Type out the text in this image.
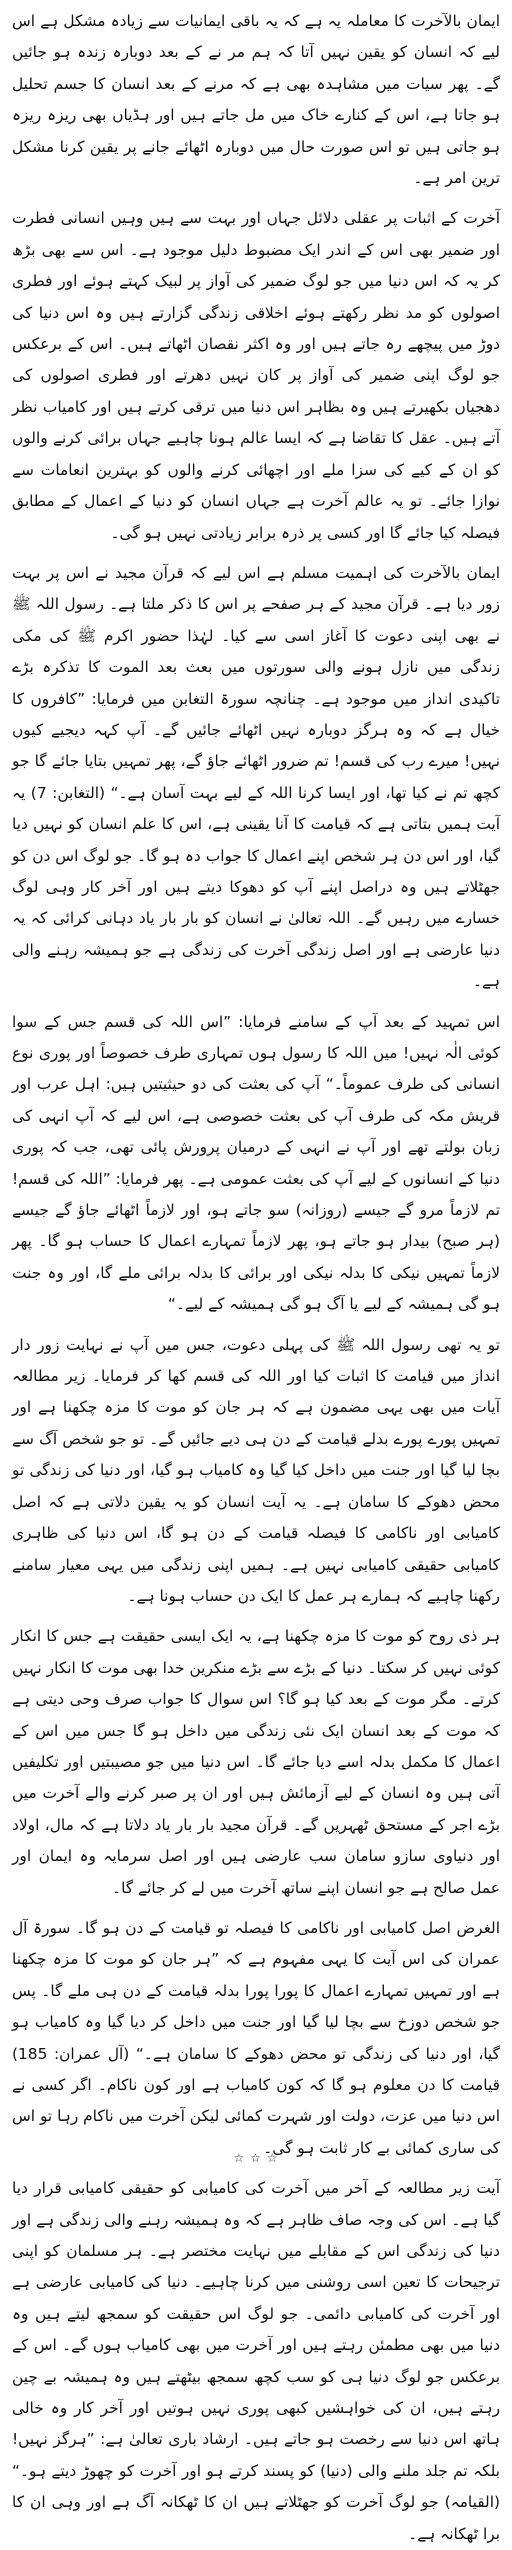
ایمان بالآخرت کا معاملہ یہ ہے کہ یہ باقی ایمانیات سے زیادہ مشکل ہے اس لیے کہ انسان کو یقین نہیں آتا کہ ہم مر نے کے بعد دوبارہ زندہ ہو جائیں گے۔ پھر سیات میں مشاہدہ بھی ہے کہ مرنے کے بعد انسان کا جسم تحلیل ہو جاتا ہے، اس کے کنارے خاک میں مل جاتے ہیں اور ہڈیاں بھی ریزہ ریزہ ہو جاتی ہیں تو اس صورت حال میں دوبارہ اٹھائے جانے پر یقین کرنا مشکل ترین امر ہے۔

آخرت کے اثبات پر عقلی دلائل جہاں اور بہت سے ہیں وہیں انسانی فطرت اور ضمیر بھی اس کے اندر ایک مضبوط دلیل موجود ہے۔ اس سے بھی بڑھ کر یہ کہ اس دنیا میں جو لوگ ضمیر کی آواز پر لبیک کہتے ہوئے اور فطری اصولوں کو مد نظر رکھتے ہوئے اخلاقی زندگی گزارتے ہیں وہ اس دنیا کی دوڑ میں پیچھے رہ جاتے ہیں اور وہ اکثر نقصان اٹھاتے ہیں۔ اس کے برعکس جو لوگ اپنی ضمیر کی آواز پر کان نہیں دھرتے اور فطری اصولوں کی دھجیاں بکھیرتے ہیں وہ بظاہر اس دنیا میں ترقی کرتے ہیں اور کامیاب نظر آتے ہیں۔ عقل کا تقاضا ہے کہ ایسا عالم ہونا چاہیے جہاں برائی کرنے والوں کو ان کے کیے کی سزا ملے اور اچھائی کرنے والوں کو بہترین انعامات سے نوازا جائے۔ تو یہ عالم آخرت ہے جہاں انسان کو دنیا کے اعمال کے مطابق فیصلہ کیا جائے گا اور کسی پر ذرہ برابر زیادتی نہیں ہو گی۔

ایمان بالآخرت کی اہمیت مسلم ہے اس لیے کہ قرآن مجید نے اس پر بہت زور دیا ہے۔ قرآن مجید کے ہر صفحے پر اس کا ذکر ملتا ہے۔ رسول اللہ ﷺ نے بھی اپنی دعوت کا آغاز اسی سے کیا۔ لہٰذا حضور اکرم ﷺ کی مکی زندگی میں نازل ہونے والی سورتوں میں بعث بعد الموت کا تذکرہ بڑے تاکیدی انداز میں موجود ہے۔ چنانچہ سورۃ التغابن میں فرمایا: ”کافروں کا خیال ہے کہ وہ ہرگز دوبارہ نہیں اٹھائے جائیں گے۔ آپ کہہ دیجیے کیوں نہیں! میرے رب کی قسم! تم ضرور اٹھائے جاؤ گے، پھر تمہیں بتایا جائے گا جو کچھ تم نے کیا تھا، اور ایسا کرنا اللہ کے لیے بہت آسان ہے۔“ (التغابن: 7) یہ آیت ہمیں بتاتی ہے کہ قیامت کا آنا یقینی ہے، اس کا علم انسان کو نہیں دیا گیا، اور اس دن ہر شخص اپنے اعمال کا جواب دہ ہو گا۔ جو لوگ اس دن کو جھٹلاتے ہیں وہ دراصل اپنے آپ کو دھوکا دیتے ہیں اور آخر کار وہی لوگ خسارے میں رہیں گے۔ اللہ تعالیٰ نے انسان کو بار بار یاد دہانی کرائی کہ یہ دنیا عارضی ہے اور اصل زندگی آخرت کی زندگی ہے جو ہمیشہ رہنے والی ہے۔

اس تمہید کے بعد آپ کے سامنے فرمایا: ”اس اللہ کی قسم جس کے سوا کوئی الٰہ نہیں! میں اللہ کا رسول ہوں تمہاری طرف خصوصاً اور پوری نوع انسانی کی طرف عموماً۔“ آپ کی بعثت کی دو حیثیتیں ہیں: اہل عرب اور قریش مکہ کی طرف آپ کی بعثت خصوصی ہے، اس لیے کہ آپ انہی کی زبان بولتے تھے اور آپ نے انہی کے درمیان پرورش پائی تھی، جب کہ پوری دنیا کے انسانوں کے لیے آپ کی بعثت عمومی ہے۔ پھر فرمایا: ”اللہ کی قسم! تم لازماً مرو گے جیسے (روزانہ) سو جاتے ہو، اور لازماً اٹھائے جاؤ گے جیسے (ہر صبح) بیدار ہو جاتے ہو، پھر لازماً تمہارے اعمال کا حساب ہو گا۔ پھر لازماً تمہیں نیکی کا بدلہ نیکی اور برائی کا بدلہ برائی ملے گا، اور وہ جنت ہو گی ہمیشہ کے لیے یا آگ ہو گی ہمیشہ کے لیے۔“

تو یہ تھی رسول اللہ ﷺ کی پہلی دعوت، جس میں آپ نے نہایت زور دار انداز میں قیامت کا اثبات کیا اور اللہ کی قسم کھا کر فرمایا۔ زیر مطالعہ آیات میں بھی یہی مضمون ہے کہ ہر جان کو موت کا مزہ چکھنا ہے اور تمہیں پورے پورے بدلے قیامت کے دن ہی دیے جائیں گے۔ تو جو شخص آگ سے بچا لیا گیا اور جنت میں داخل کیا گیا وہ کامیاب ہو گیا، اور دنیا کی زندگی تو محض دھوکے کا سامان ہے۔ یہ آیت انسان کو یہ یقین دلاتی ہے کہ اصل کامیابی اور ناکامی کا فیصلہ قیامت کے دن ہو گا، اس دنیا کی ظاہری کامیابی حقیقی کامیابی نہیں ہے۔ ہمیں اپنی زندگی میں یہی معیار سامنے رکھنا چاہیے کہ ہمارے ہر عمل کا ایک دن حساب ہونا ہے۔

ہر ذی روح کو موت کا مزہ چکھنا ہے، یہ ایک ایسی حقیقت ہے جس کا انکار کوئی نہیں کر سکتا۔ دنیا کے بڑے سے بڑے منکرین خدا بھی موت کا انکار نہیں کرتے۔ مگر موت کے بعد کیا ہو گا؟ اس سوال کا جواب صرف وحی دیتی ہے کہ موت کے بعد انسان ایک نئی زندگی میں داخل ہو گا جس میں اس کے اعمال کا مکمل بدلہ اسے دیا جائے گا۔ اس دنیا میں جو مصیبتیں اور تکلیفیں آتی ہیں وہ انسان کے لیے آزمائش ہیں اور ان پر صبر کرنے والے آخرت میں بڑے اجر کے مستحق ٹھہریں گے۔ قرآن مجید بار بار یاد دلاتا ہے کہ مال، اولاد اور دنیاوی سازو سامان سب عارضی ہیں اور اصل سرمایہ وہ ایمان اور عمل صالح ہے جو انسان اپنے ساتھ آخرت میں لے کر جائے گا۔

الغرض اصل کامیابی اور ناکامی کا فیصلہ تو قیامت کے دن ہو گا۔ سورۃ آل عمران کی اس آیت کا یہی مفہوم ہے کہ ”ہر جان کو موت کا مزہ چکھنا ہے اور تمہیں تمہارے اعمال کا پورا پورا بدلہ قیامت کے دن ہی ملے گا۔ پس جو شخص دوزخ سے بچا لیا گیا اور جنت میں داخل کر دیا گیا وہ کامیاب ہو گیا، اور دنیا کی زندگی تو محض دھوکے کا سامان ہے۔“ (آل عمران: 185) قیامت کا دن معلوم ہو گا کہ کون کامیاب ہے اور کون ناکام۔ اگر کسی نے اس دنیا میں عزت، دولت اور شہرت کمائی لیکن آخرت میں ناکام رہا تو اس کی ساری کمائی بے کار ثابت ہو گی۔

آیت زیر مطالعہ کے آخر میں آخرت کی کامیابی کو حقیقی کامیابی قرار دیا گیا ہے۔ اس کی وجہ صاف ظاہر ہے کہ وہ ہمیشہ رہنے والی زندگی ہے اور دنیا کی زندگی اس کے مقابلے میں نہایت مختصر ہے۔ ہر مسلمان کو اپنی ترجیحات کا تعین اسی روشنی میں کرنا چاہیے۔ دنیا کی کامیابی عارضی ہے اور آخرت کی کامیابی دائمی۔ جو لوگ اس حقیقت کو سمجھ لیتے ہیں وہ دنیا میں بھی مطمئن رہتے ہیں اور آخرت میں بھی کامیاب ہوں گے۔ اس کے برعکس جو لوگ دنیا ہی کو سب کچھ سمجھ بیٹھتے ہیں وہ ہمیشہ بے چین رہتے ہیں، ان کی خواہشیں کبھی پوری نہیں ہوتیں اور آخر کار وہ خالی ہاتھ اس دنیا سے رخصت ہو جاتے ہیں۔ ارشاد باری تعالیٰ ہے: ”ہرگز نہیں! بلکہ تم جلد ملنے والی (دنیا) کو پسند کرتے ہو اور آخرت کو چھوڑ دیتے ہو۔“ (القیامہ) جو لوگ آخرت کو جھٹلاتے ہیں ان کا ٹھکانہ آگ ہے اور وہی ان کا برا ٹھکانہ ہے۔

☆ ☆ ☆
